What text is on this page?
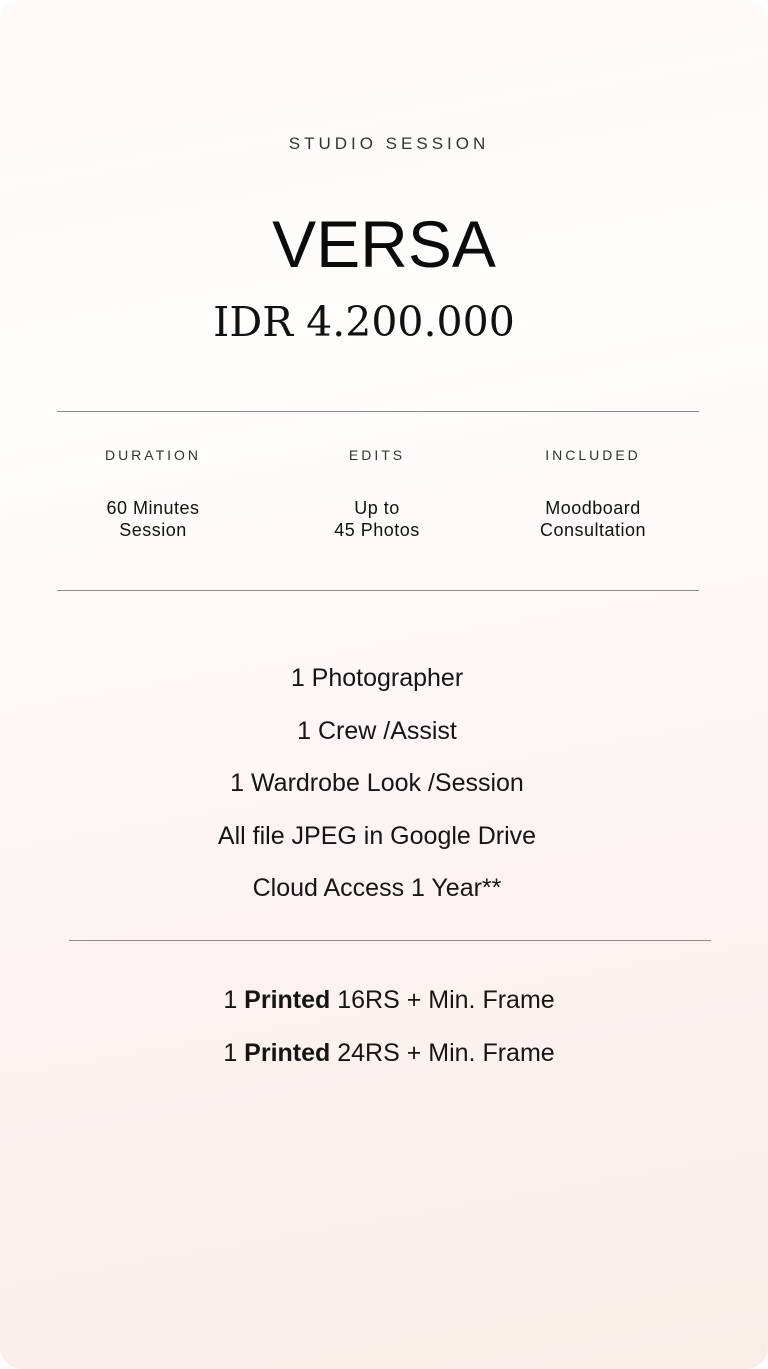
STUDIO SESSION
VERSA
IDR 4.200.000
DURATION
60 Minutes
Session
EDITS
Up to
45 Photos
INCLUDED
Moodboard
Consultation
1 Photographer
1 Crew /Assist
1 Wardrobe Look /Session
All file JPEG in Google Drive
Cloud Access 1 Year**
1 Printed 16RS + Min. Frame
1 Printed 24RS + Min. Frame
